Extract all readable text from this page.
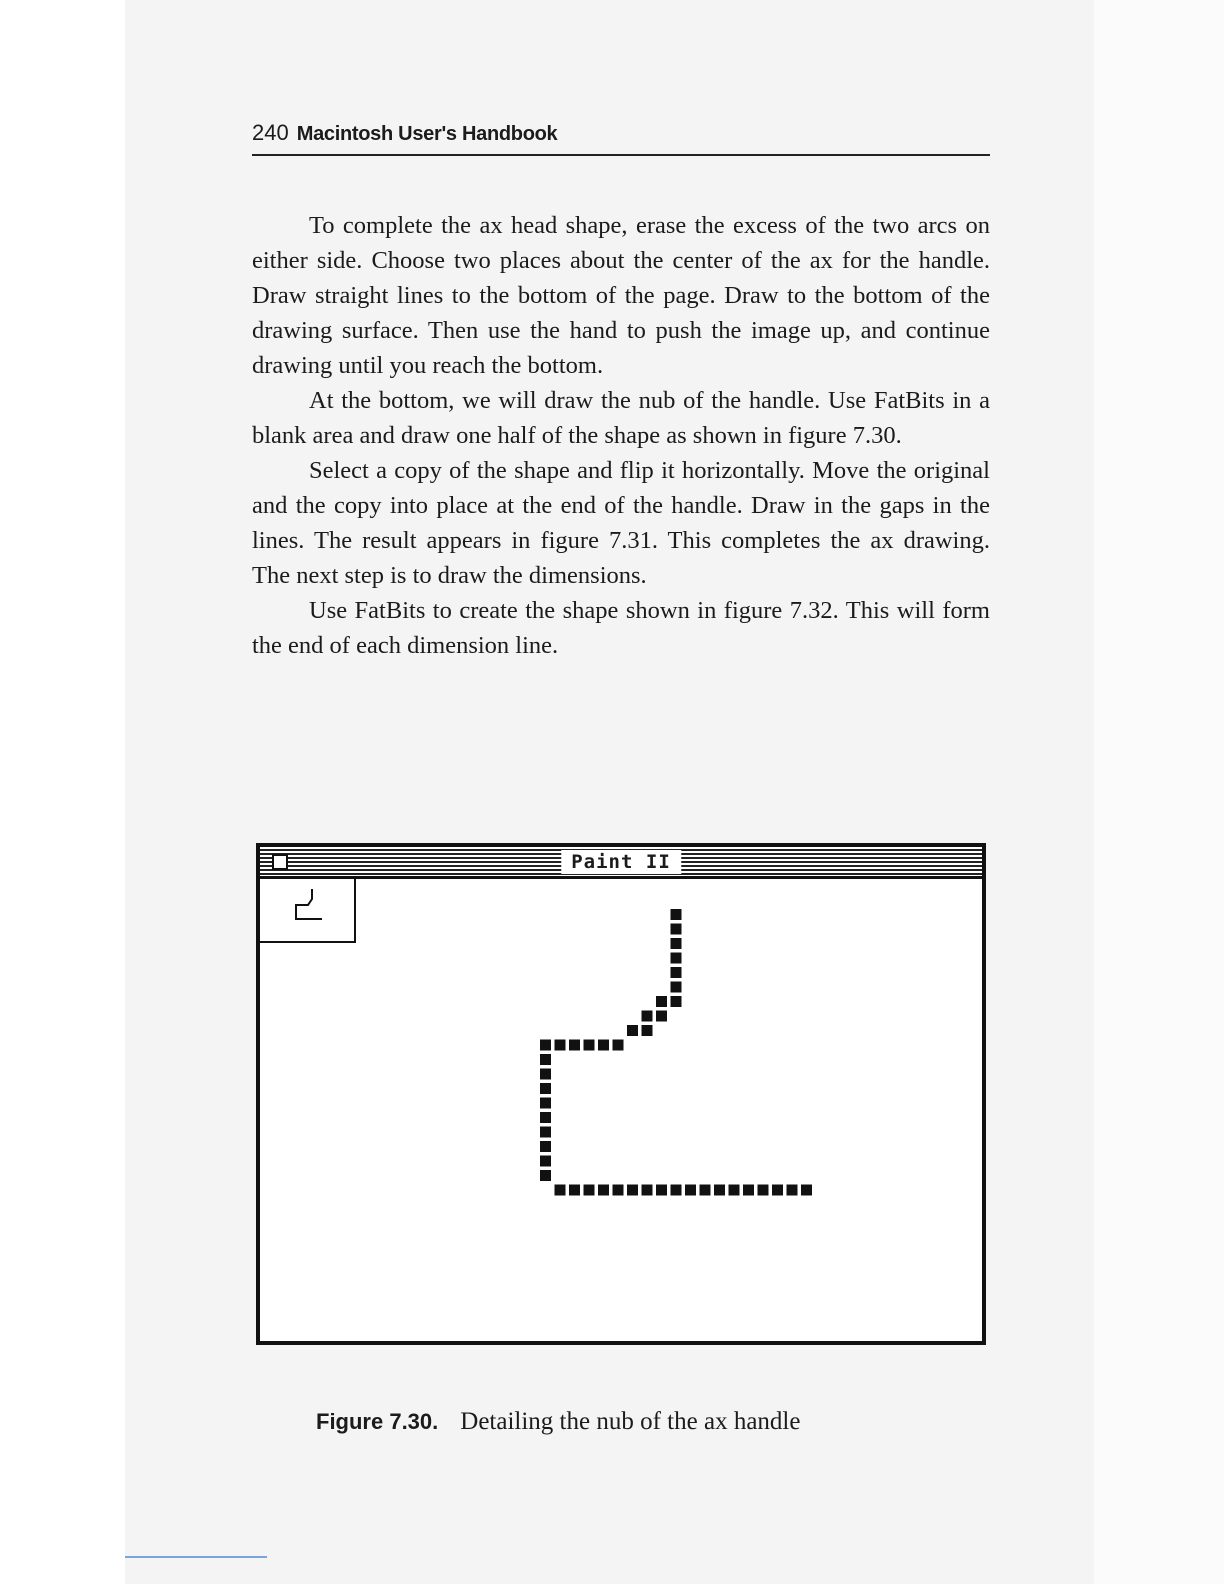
240 Macintosh User's Handbook

To complete the ax head shape, erase the excess of the two arcs on either side. Choose two places about the center of the ax for the handle. Draw straight lines to the bottom of the page. Draw to the bottom of the drawing surface. Then use the hand to push the image up, and continue drawing until you reach the bottom.

At the bottom, we will draw the nub of the handle. Use FatBits in a blank area and draw one half of the shape as shown in figure 7.30.

Select a copy of the shape and flip it horizontally. Move the original and the copy into place at the end of the handle. Draw in the gaps in the lines. The result appears in figure 7.31. This completes the ax drawing. The next step is to draw the dimensions.

Use FatBits to create the shape shown in figure 7.32. This will form the end of each dimension line.

Paint II
Figure 7.30. Detailing the nub of the ax handle
